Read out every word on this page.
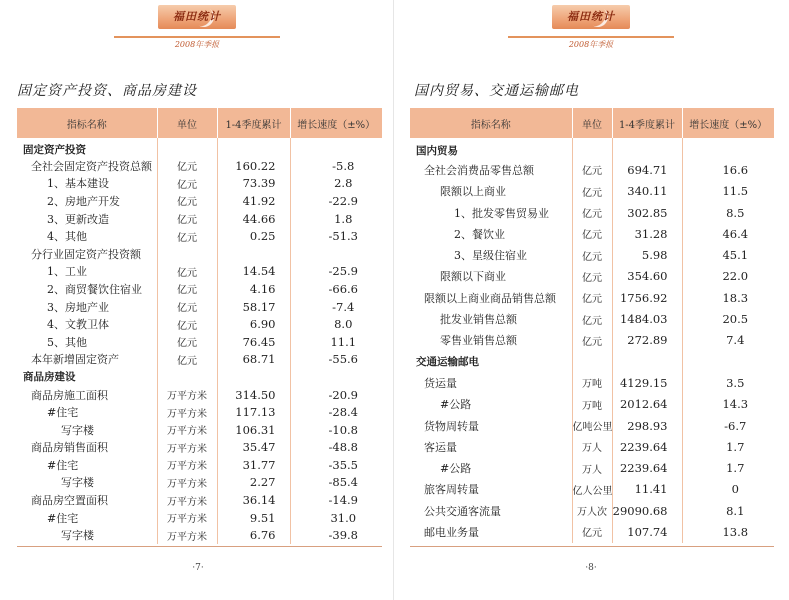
福田统计
2008年季报
固定资产投资、商品房建设
指标名称	单位	1-4季度累计	增长速度（±%）
固定资产投资			
全社会固定资产投资总额	亿元	160.22	-5.8
1、基本建设	亿元	73.39	2.8
2、房地产开发	亿元	41.92	-22.9
3、更新改造	亿元	44.66	1.8
4、其他	亿元	0.25	-51.3
分行业固定资产投资额			
1、工业	亿元	14.54	-25.9
2、商贸餐饮住宿业	亿元	4.16	-66.6
3、房地产业	亿元	58.17	-7.4
4、文教卫体	亿元	6.90	8.0
5、其他	亿元	76.45	11.1
本年新增固定资产	亿元	68.71	-55.6
商品房建设			
商品房施工面积	万平方米	314.50	-20.9
#住宅	万平方米	117.13	-28.4
写字楼	万平方米	106.31	-10.8
商品房销售面积	万平方米	35.47	-48.8
#住宅	万平方米	31.77	-35.5
写字楼	万平方米	2.27	-85.4
商品房空置面积	万平方米	36.14	-14.9
#住宅	万平方米	9.51	31.0
写字楼	万平方米	6.76	-39.8
·7·
福田统计
2008年季报
国内贸易、交通运输邮电
指标名称	单位	1-4季度累计	增长速度（±%）
国内贸易			
全社会消费品零售总额	亿元	694.71	16.6
限额以上商业	亿元	340.11	11.5
1、批发零售贸易业	亿元	302.85	8.5
2、餐饮业	亿元	31.28	46.4
3、星级住宿业	亿元	5.98	45.1
限额以下商业	亿元	354.60	22.0
限额以上商业商品销售总额	亿元	1756.92	18.3
批发业销售总额	亿元	1484.03	20.5
零售业销售总额	亿元	272.89	7.4
交通运输邮电			
货运量	万吨	4129.15	3.5
#公路	万吨	2012.64	14.3
货物周转量	亿吨公里	298.93	-6.7
客运量	万人	2239.64	1.7
#公路	万人	2239.64	1.7
旅客周转量	亿人公里	11.41	0
公共交通客流量	万人次	29090.68	8.1
邮电业务量	亿元	107.74	13.8
·8·
